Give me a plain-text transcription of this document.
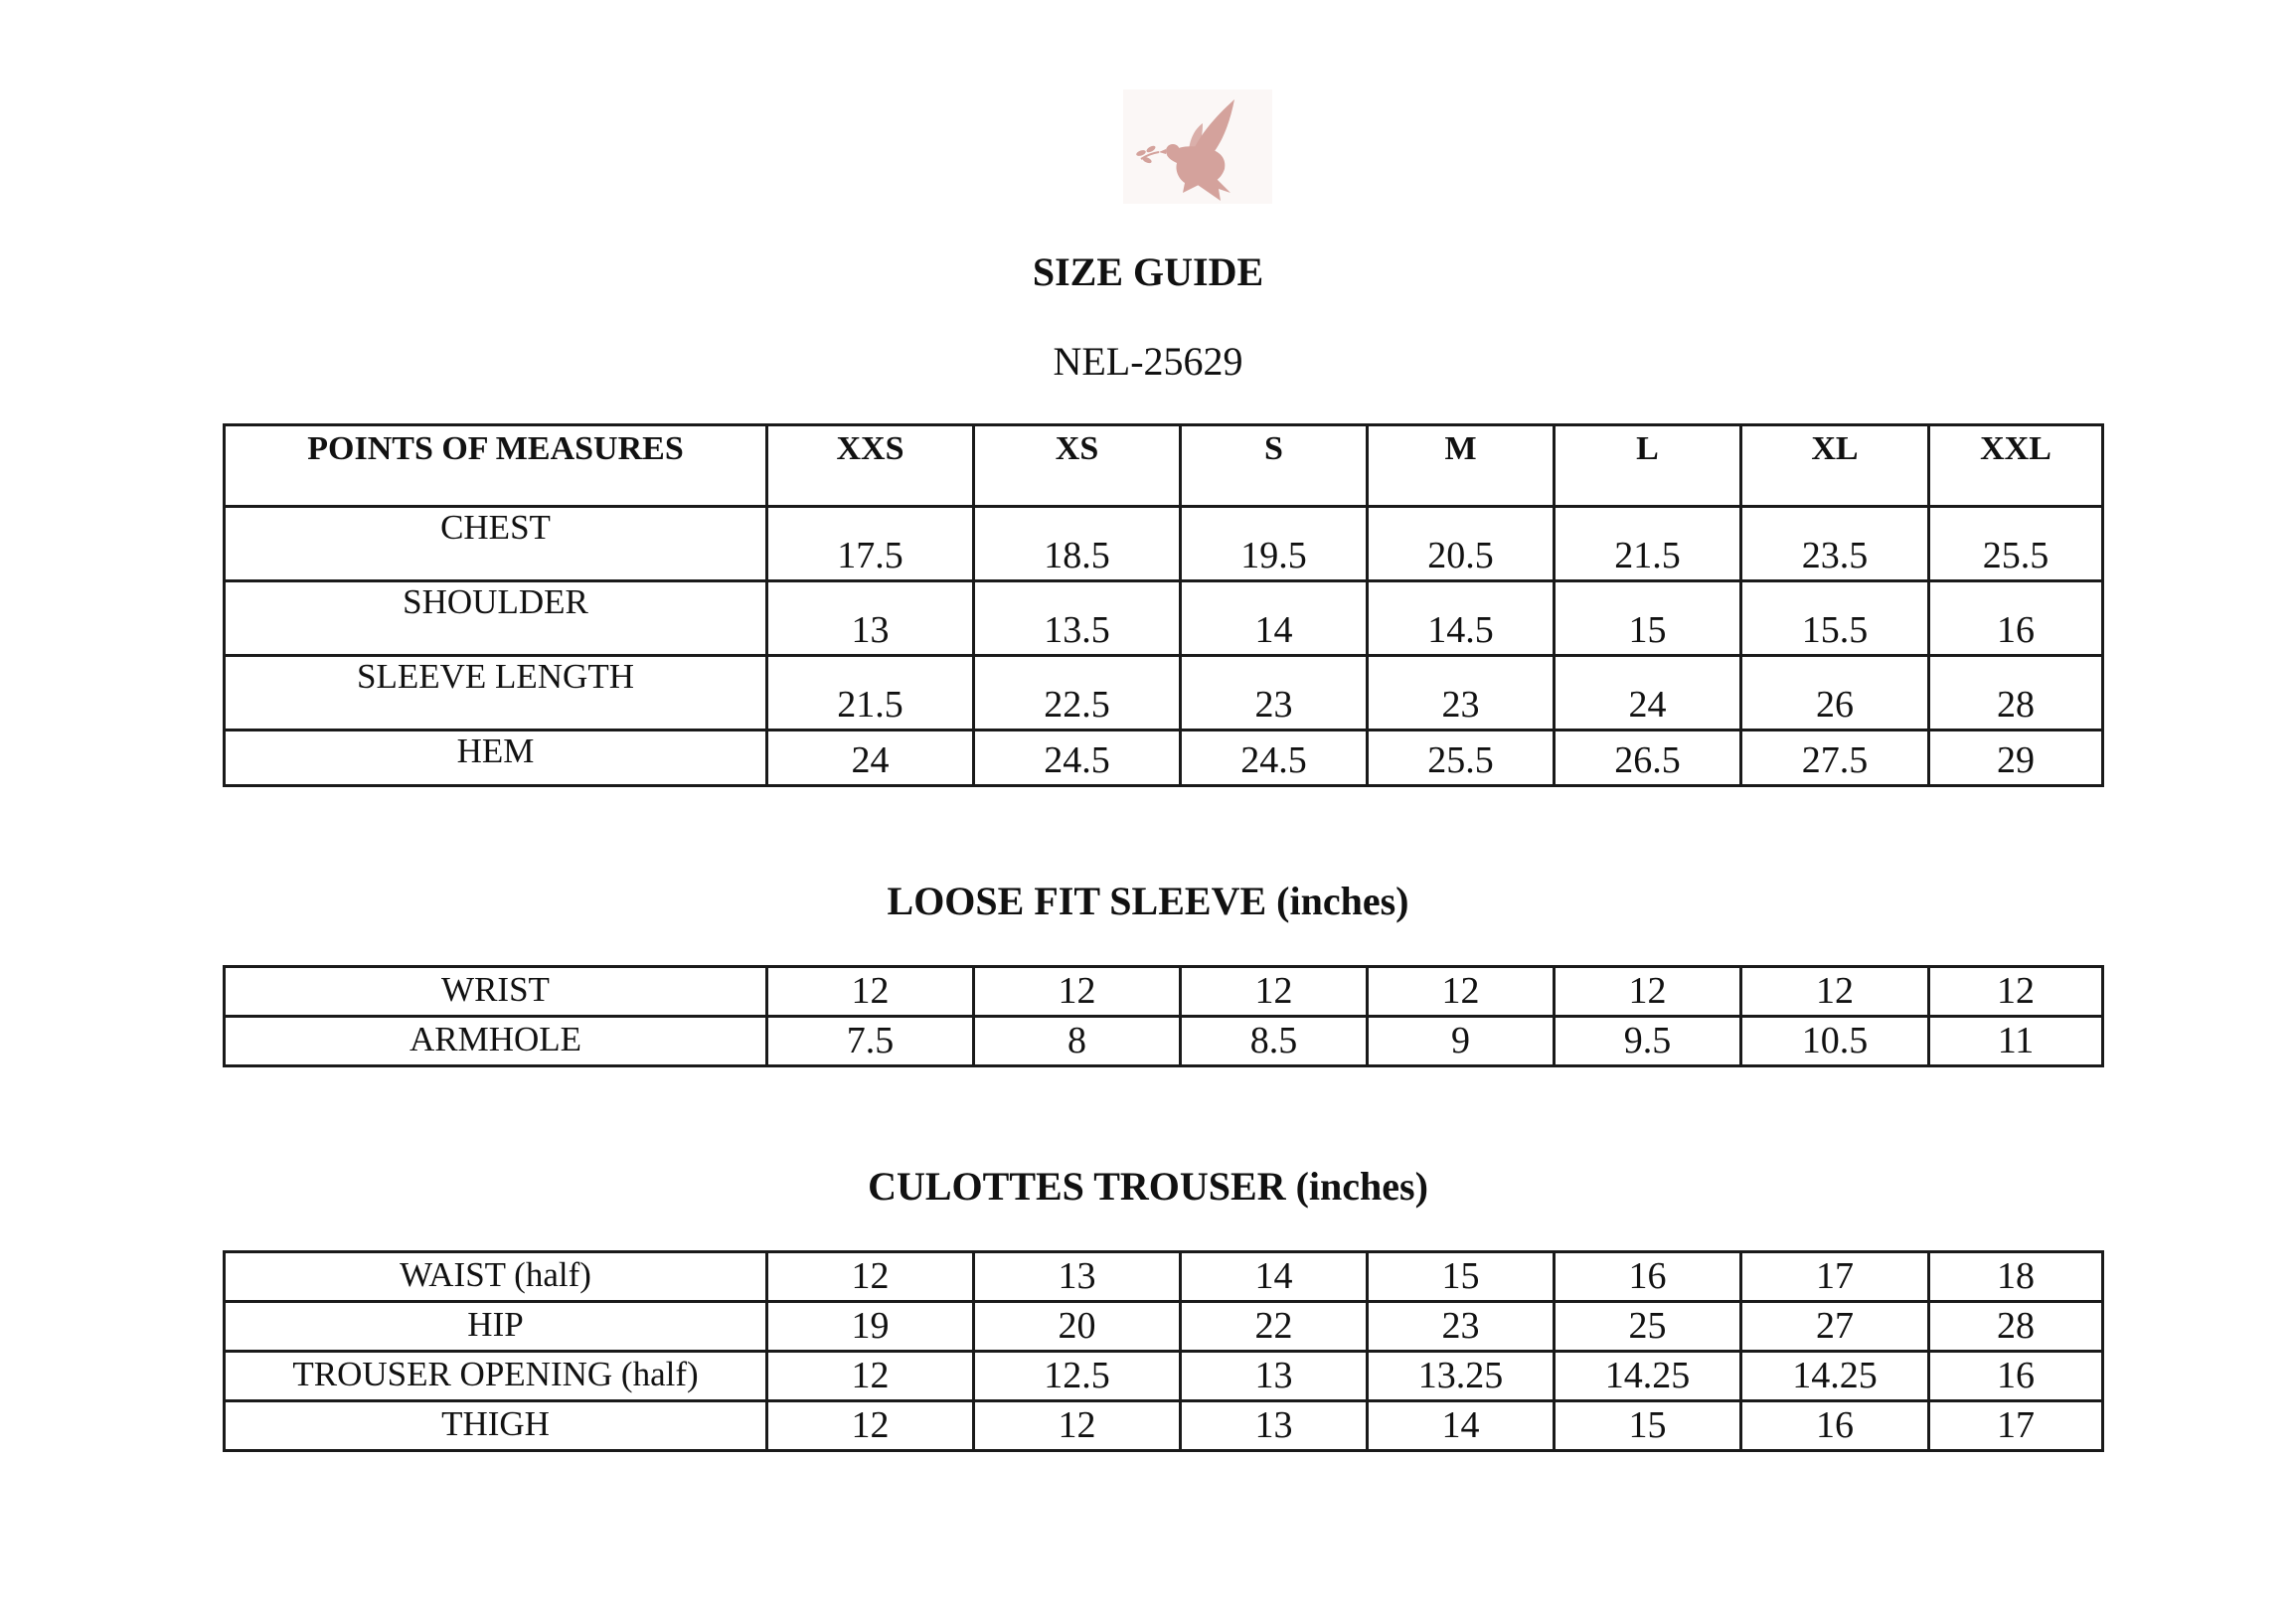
SIZE GUIDE
NEL-25629
POINTS OF MEASURES	XXS	XS	S	M	L	XL	XXL
CHEST	17.5	18.5	19.5	20.5	21.5	23.5	25.5
SHOULDER	13	13.5	14	14.5	15	15.5	16
SLEEVE LENGTH	21.5	22.5	23	23	24	26	28
HEM	24	24.5	24.5	25.5	26.5	27.5	29
LOOSE FIT SLEEVE (inches)
WRIST	12	12	12	12	12	12	12
ARMHOLE	7.5	8	8.5	9	9.5	10.5	11
CULOTTES TROUSER (inches)
WAIST (half)	12	13	14	15	16	17	18
HIP	19	20	22	23	25	27	28
TROUSER OPENING (half)	12	12.5	13	13.25	14.25	14.25	16
THIGH	12	12	13	14	15	16	17
